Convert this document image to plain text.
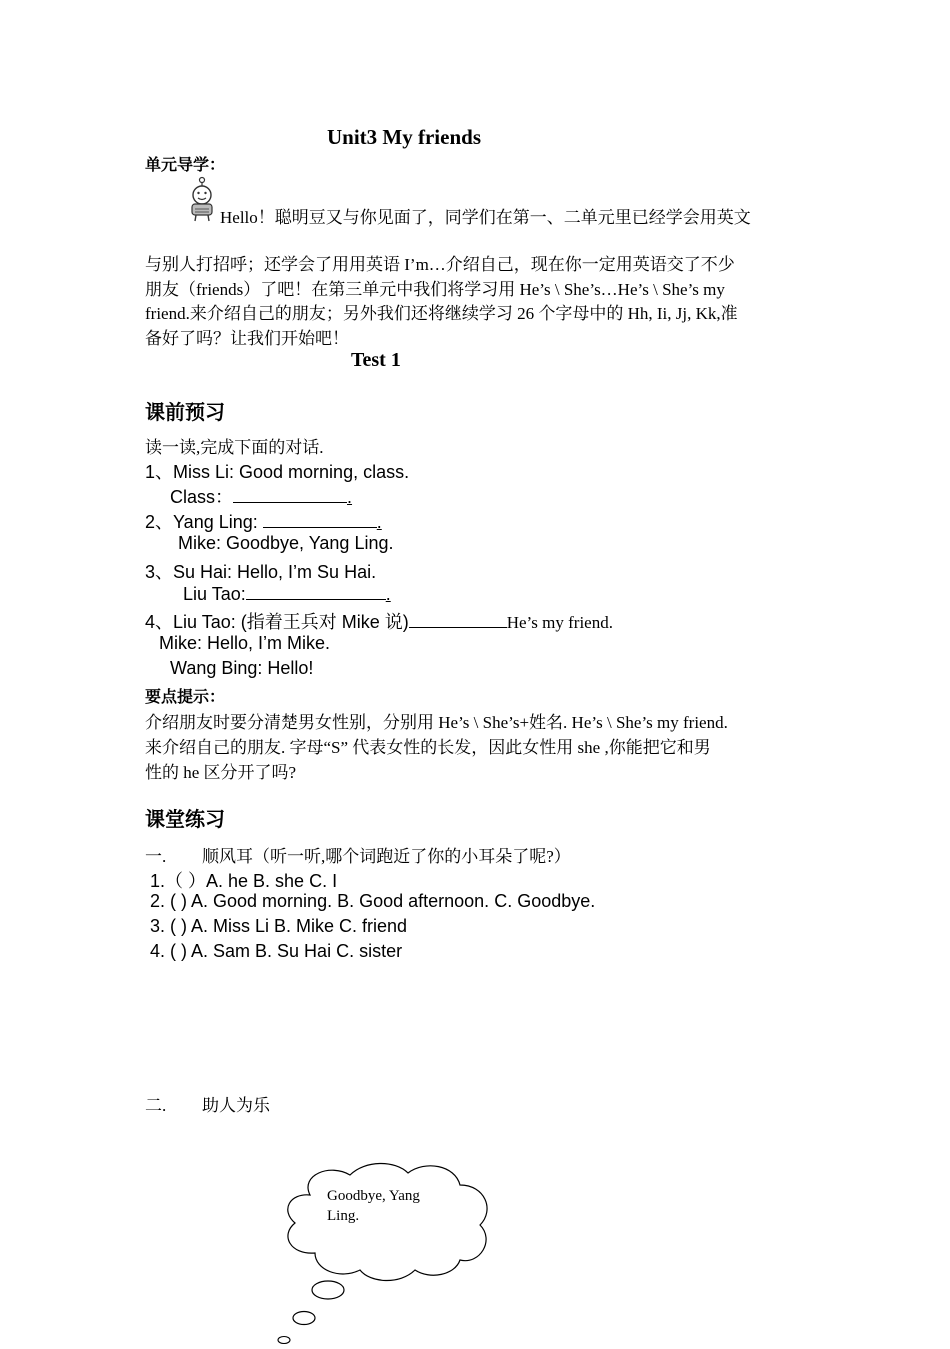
Unit3 My friends
单元导学：
Hello！聪明豆又与你见面了，同学们在第一、二单元里已经学会用英文
与别人打招呼；还学会了用用英语 I’m…介绍自己，现在你一定用英语交了不少
朋友（friends）了吧！在第三单元中我们将学习用 He’s \ She’s…He’s \ She’s my
friend.来介绍自己的朋友；另外我们还将继续学习 26 个字母中的 Hh, Ii, Jj, Kk,准
备好了吗？让我们开始吧！
Test 1
课前预习
读一读,完成下面的对话.
1、Miss Li: Good morning, class.
Class：	.
2、Yang Ling:	.
Mike: Goodbye, Yang Ling.
3、Su Hai: Hello, I’m Su Hai.
Liu Tao:	.
4、Liu Tao: (指着王兵对 Mike 说)	He’s my friend.
Mike: Hello, I’m Mike.
Wang Bing: Hello!
要点提示：
介绍朋友时要分清楚男女性别，分别用 He’s \ She’s+姓名. He’s \ She’s my friend.
来介绍自己的朋友. 字母“S” 代表女性的长发，因此女性用 she ,你能把它和男
性的 he 区分开了吗?
课堂练习
一. 顺风耳（听一听,哪个词跑近了你的小耳朵了呢?）
1.（ ）A. he B. she C. I
2. ( ) A. Good morning. B. Good afternoon. C. Goodbye.
3. ( ) A. Miss Li B. Mike C. friend
4. ( ) A. Sam B. Su Hai C. sister
二. 助人为乐
Goodbye, Yang
Ling.
